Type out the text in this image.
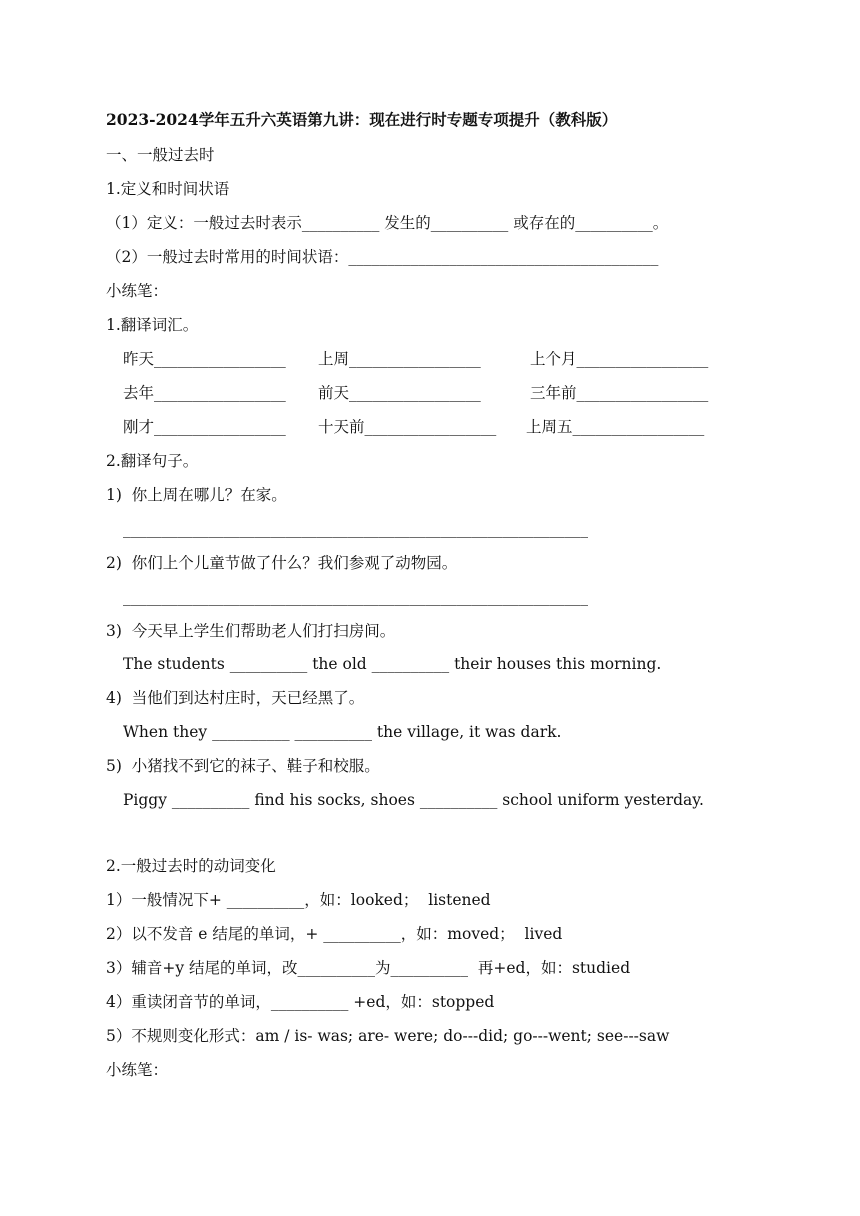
2023-2024学年五升六英语第九讲：现在进行时专题专项提升（教科版）
一、一般过去时
1.定义和时间状语
（1）定义：一般过去时表示__________ 发生的__________ 或存在的__________。
（2）一般过去时常用的时间状语：________________________________________
小练笔：
1.翻译词汇。
昨天_________________ 上周_________________	上个月_________________
去年_________________ 前天_________________	三年前_________________
刚才_________________ 十天前_________________ 上周五_________________
2.翻译句子。
1)  你上周在哪儿？在家。
____________________________________________________________
2)  你们上个儿童节做了什么？我们参观了动物园。
____________________________________________________________
3)  今天早上学生们帮助老人们打扫房间。
The students __________ the old __________ their houses this morning.
4)  当他们到达村庄时，天已经黑了。
When they __________ __________ the village, it was dark.
5)  小猪找不到它的袜子、鞋子和校服。
Piggy __________ find his socks, shoes __________ school uniform yesterday.
2.一般过去时的动词变化
1）一般情况下+ __________，如：looked；  listened
2）以不发音 e 结尾的单词，+ __________，如：moved；  lived
3）辅音+y 结尾的单词，改__________为__________  再+ed，如：studied
4）重读闭音节的单词，__________ +ed，如：stopped
5）不规则变化形式：am / is- was; are- were; do---did; go---went; see---saw
小练笔：
